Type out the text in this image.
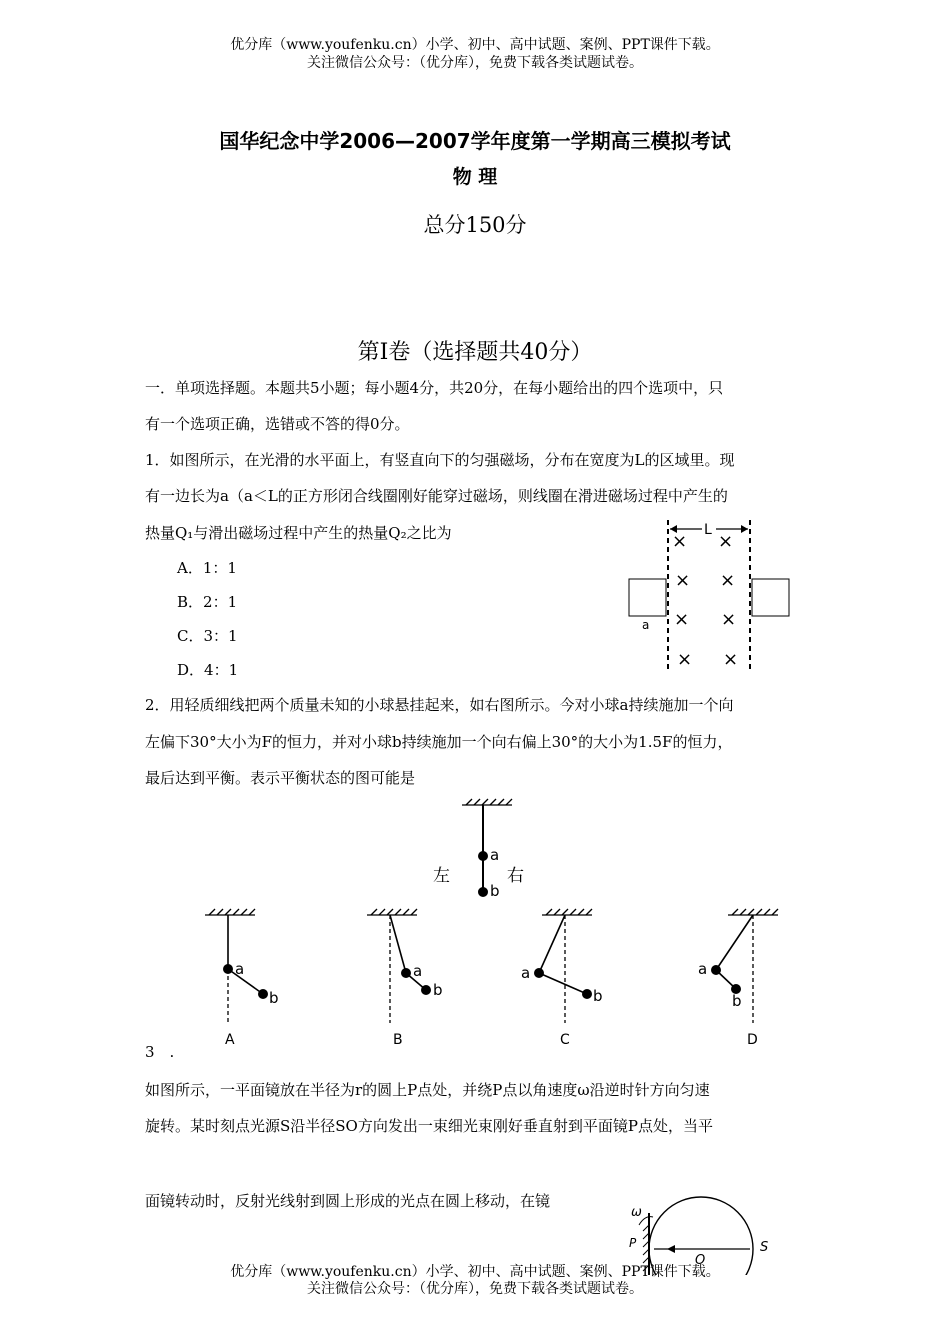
优分库（www.youfenku.cn）小学、初中、高中试题、案例、PPT课件下载。
关注微信公众号：（优分库），免费下载各类试题试卷。
国华纪念中学2006—2007学年度第一学期高三模拟考试
物 理
总分150分
第Ⅰ卷（选择题共40分）
一．单项选择题。本题共5小题；每小题4分，共20分，在每小题给出的四个选项中，只
有一个选项正确，选错或不答的得0分。
1．如图所示，在光滑的水平面上，有竖直向下的匀强磁场，分布在宽度为L的区域里。现
有一边长为a（a＜L的正方形闭合线圈刚好能穿过磁场，则线圈在滑进磁场过程中产生的
热量Q₁与滑出磁场过程中产生的热量Q₂之比为
A．1：1
B．2：1
C．3：1
D．4：1
L
× ×
× ×
× ×
× ×
a
2．用轻质细线把两个质量未知的小球悬挂起来，如右图所示。今对小球a持续施加一个向
左偏下30°大小为F的恒力，并对小球b持续施加一个向右偏上30°的大小为1.5F的恒力，
最后达到平衡。表示平衡状态的图可能是
a
b
左	右
a
b
a
b
a
b
a
b
A	B	C	D
3　.
如图所示，一平面镜放在半径为r的圆上P点处，并绕P点以角速度ω沿逆时针方向匀速
旋转。某时刻点光源S沿半径SO方向发出一束细光束刚好垂直射到平面镜P点处，当平
面镜转动时，反射光线射到圆上形成的光点在圆上移动，在镜
ω
P
O
S
优分库（www.youfenku.cn）小学、初中、高中试题、案例、PPT课件下载。
关注微信公众号：（优分库），免费下载各类试题试卷。
